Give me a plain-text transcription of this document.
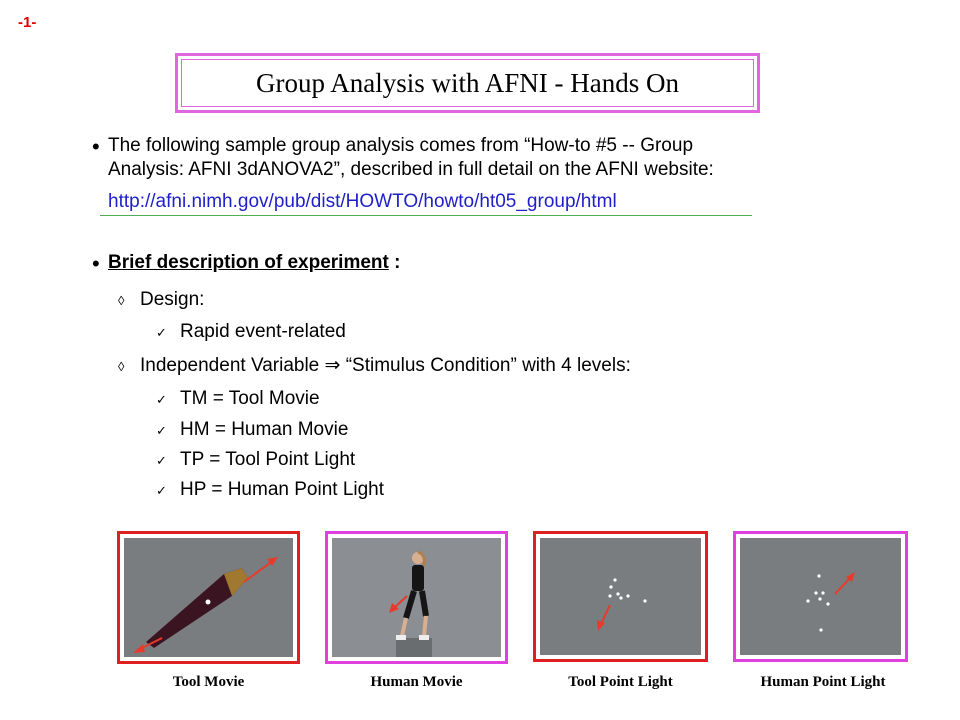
-1-
Group Analysis with AFNI - Hands On
• The following sample group analysis comes from “How-to #5 -- Group
Analysis: AFNI 3dANOVA2”, described in full detail on the AFNI website:
http://afni.nimh.gov/pub/dist/HOWTO/howto/ht05_group/html
• Brief description of experiment :
◊ Design:
✓ Rapid event-related
◊ Independent Variable ⇒ “Stimulus Condition” with 4 levels:
✓ TM = Tool Movie
✓ HM = Human Movie
✓ TP = Tool Point Light
✓ HP = Human Point Light
Tool Movie	Human Movie	Tool Point Light	Human Point Light
